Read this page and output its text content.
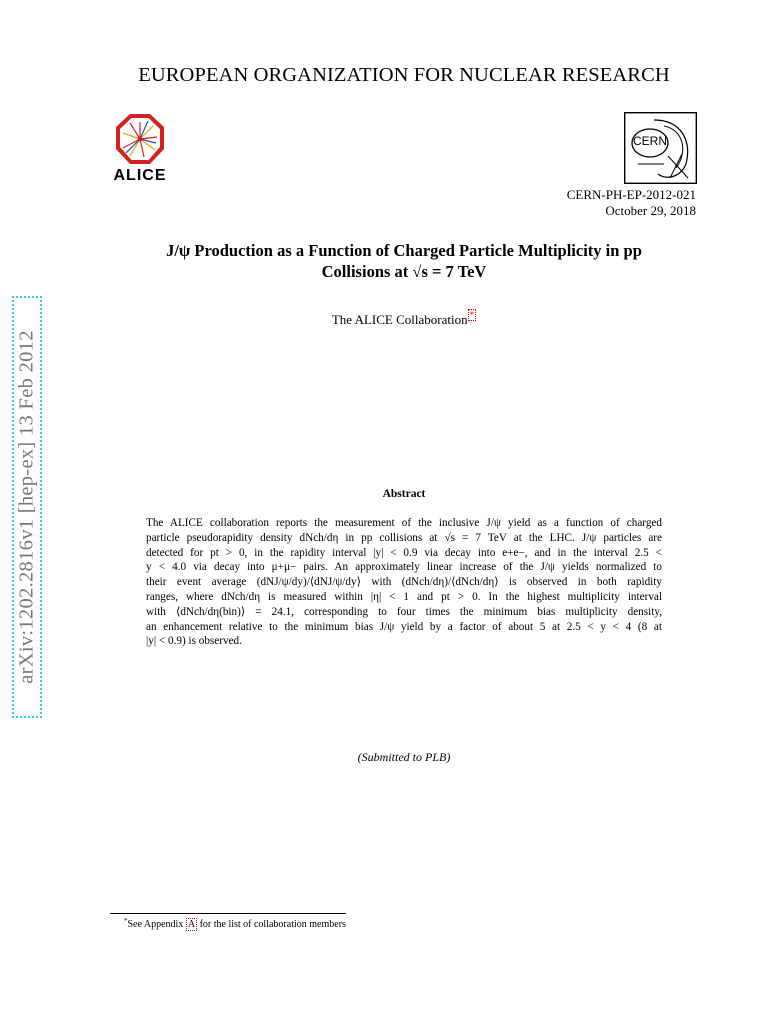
EUROPEAN ORGANIZATION FOR NUCLEAR RESEARCH
ALICE
CERN
CERN-PH-EP-2012-021
October 29, 2018
J/ψ Production as a Function of Charged Particle Multiplicity in pp
Collisions at √s = 7 TeV
The ALICE Collaboration *
arXiv:1202.2816v1 [hep-ex] 13 Feb 2012	Abstract
The ALICE collaboration reports the measurement of the inclusive J/ψ yield as a function of charged
particle pseudorapidity density dNch/dη in pp collisions at √s = 7 TeV at the LHC. J/ψ particles are
detected for pt > 0, in the rapidity interval |y| < 0.9 via decay into e+e−, and in the interval 2.5 <
y < 4.0 via decay into μ+μ− pairs. An approximately linear increase of the J/ψ yields normalized to
their event average (dNJ/ψ/dy)/⟨dNJ/ψ/dy⟩ with (dNch/dη)/⟨dNch/dη⟩ is observed in both rapidity
ranges, where dNch/dη is measured within |η| < 1 and pt > 0. In the highest multiplicity interval
with ⟨dNch/dη(bin)⟩ = 24.1, corresponding to four times the minimum bias multiplicity density,
an enhancement relative to the minimum bias J/ψ yield by a factor of about 5 at 2.5 < y < 4 (8 at
|y| < 0.9) is observed.
(Submitted to PLB)
*See Appendix A for the list of collaboration members
